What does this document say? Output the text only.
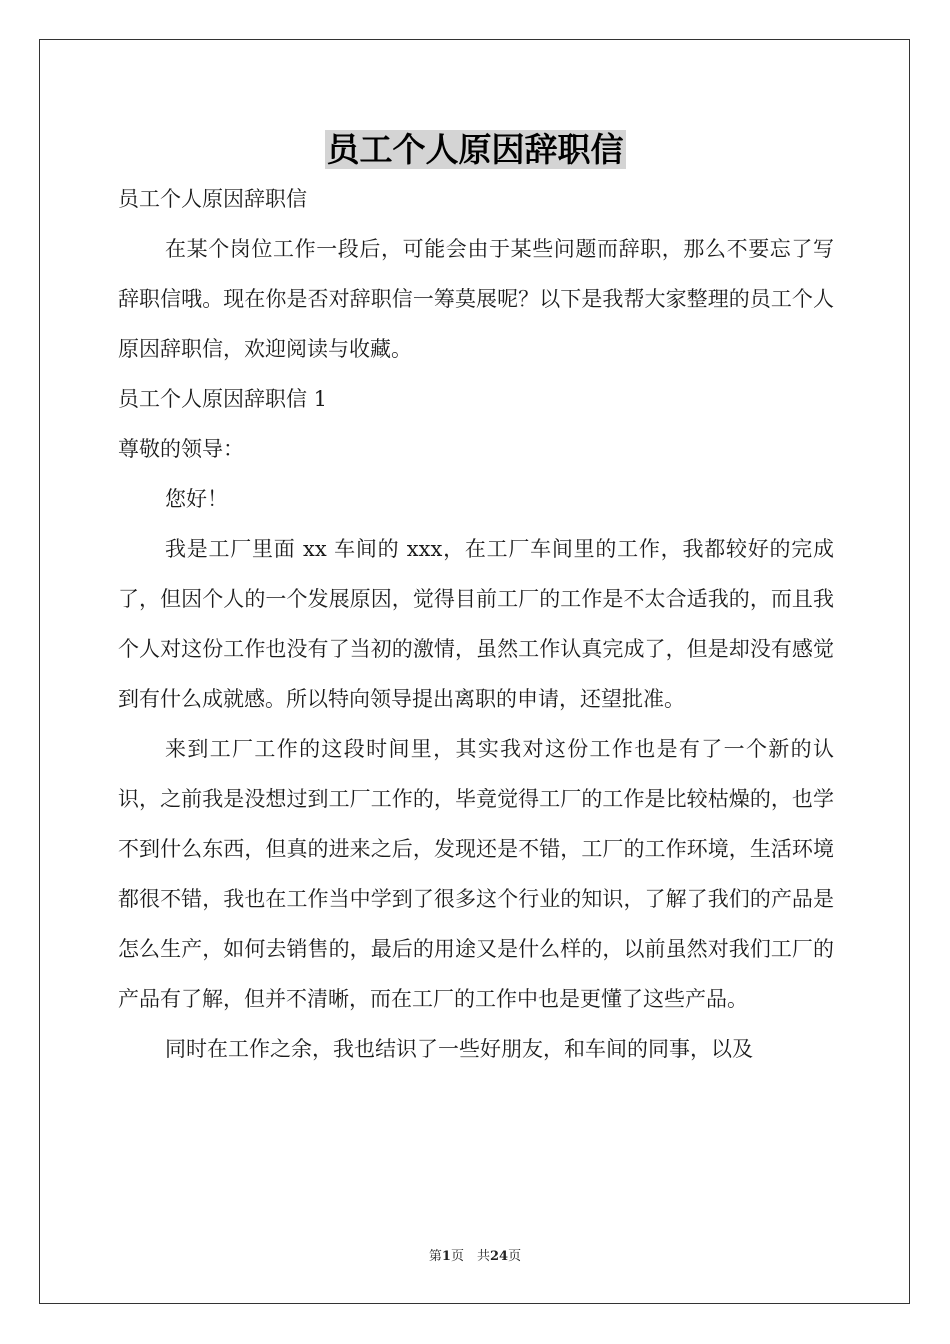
员工个人原因辞职信

员工个人原因辞职信

在某个岗位工作一段后，可能会由于某些问题而辞职，那么不要忘了写辞职信哦。现在你是否对辞职信一筹莫展呢？以下是我帮大家整理的员工个人原因辞职信，欢迎阅读与收藏。

员工个人原因辞职信 1

尊敬的领导：

您好！

我是工厂里面 xx 车间的 xxx，在工厂车间里的工作，我都较好的完成了，但因个人的一个发展原因，觉得目前工厂的工作是不太合适我的，而且我个人对这份工作也没有了当初的激情，虽然工作认真完成了，但是却没有感觉到有什么成就感。所以特向领导提出离职的申请，还望批准。

来到工厂工作的这段时间里，其实我对这份工作也是有了一个新的认识，之前我是没想过到工厂工作的，毕竟觉得工厂的工作是比较枯燥的，也学不到什么东西，但真的进来之后，发现还是不错，工厂的工作环境，生活环境都很不错，我也在工作当中学到了很多这个行业的知识，了解了我们的产品是怎么生产，如何去销售的，最后的用途又是什么样的，以前虽然对我们工厂的产品有了解，但并不清晰，而在工厂的工作中也是更懂了这些产品。

同时在工作之余，我也结识了一些好朋友，和车间的同事，以及

第1页　共24页
